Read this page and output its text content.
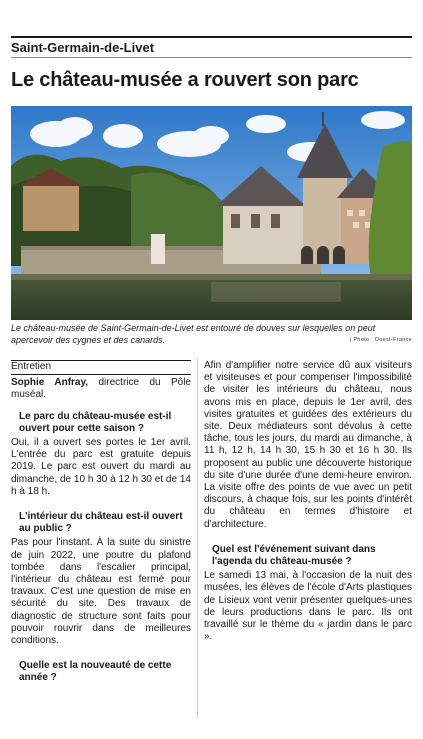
Saint-Germain-de-Livet
Le château-musée a rouvert son parc
Le château-musée de Saint-Germain-de-Livet est entouré de douves sur lesquelles on peut apercevoir des cygnes et des canards.	| Photo : Ouest-France
Entretien

Sophie Anfray, directrice du Pôle muséal.

Le parc du château-musée est-il ouvert pour cette saison ?

Oui, il a ouvert ses portes le 1er avril. L'entrée du parc est gratuite depuis 2019. Le parc est ouvert du mardi au dimanche, de 10 h 30 à 12 h 30 et de 14 h à 18 h.

L'intérieur du château est-il ouvert au public ?

Pas pour l'instant. À la suite du sinistre de juin 2022, une poutre du plafond tombée dans l'escalier principal, l'intérieur du château est fermé pour travaux. C'est une question de mise en sécurité du site. Des travaux de diagnostic de structure sont faits pour pouvoir rouvrir dans de meilleures conditions.

Quelle est la nouveauté de cette année ?

Afin d'amplifier notre service dû aux visiteurs et visiteuses et pour compenser l'impossibilité de visiter les intérieurs du château, nous avons mis en place, depuis le 1er avril, des visites gratuites et guidées des extérieurs du site. Deux médiateurs sont dévolus à cette tâche, tous les jours, du mardi au dimanche, à 11 h, 12 h, 14 h 30, 15 h 30 et 16 h 30. Ils proposent au public une découverte historique du site d'une durée d'une demi-heure environ. La visite offre des points de vue avec un petit discours, à chaque fois, sur les points d'intérêt du château en termes d'histoire et d'architecture.

Quel est l'événement suivant dans l'agenda du château-musée ?

Le samedi 13 mai, à l'occasion de la nuit des musées, les élèves de l'école d'Arts plastiques de Lisieux vont venir présenter quelques-unes de leurs productions dans le parc. Ils ont travaillé sur le thème du « jardin dans le parc ».
